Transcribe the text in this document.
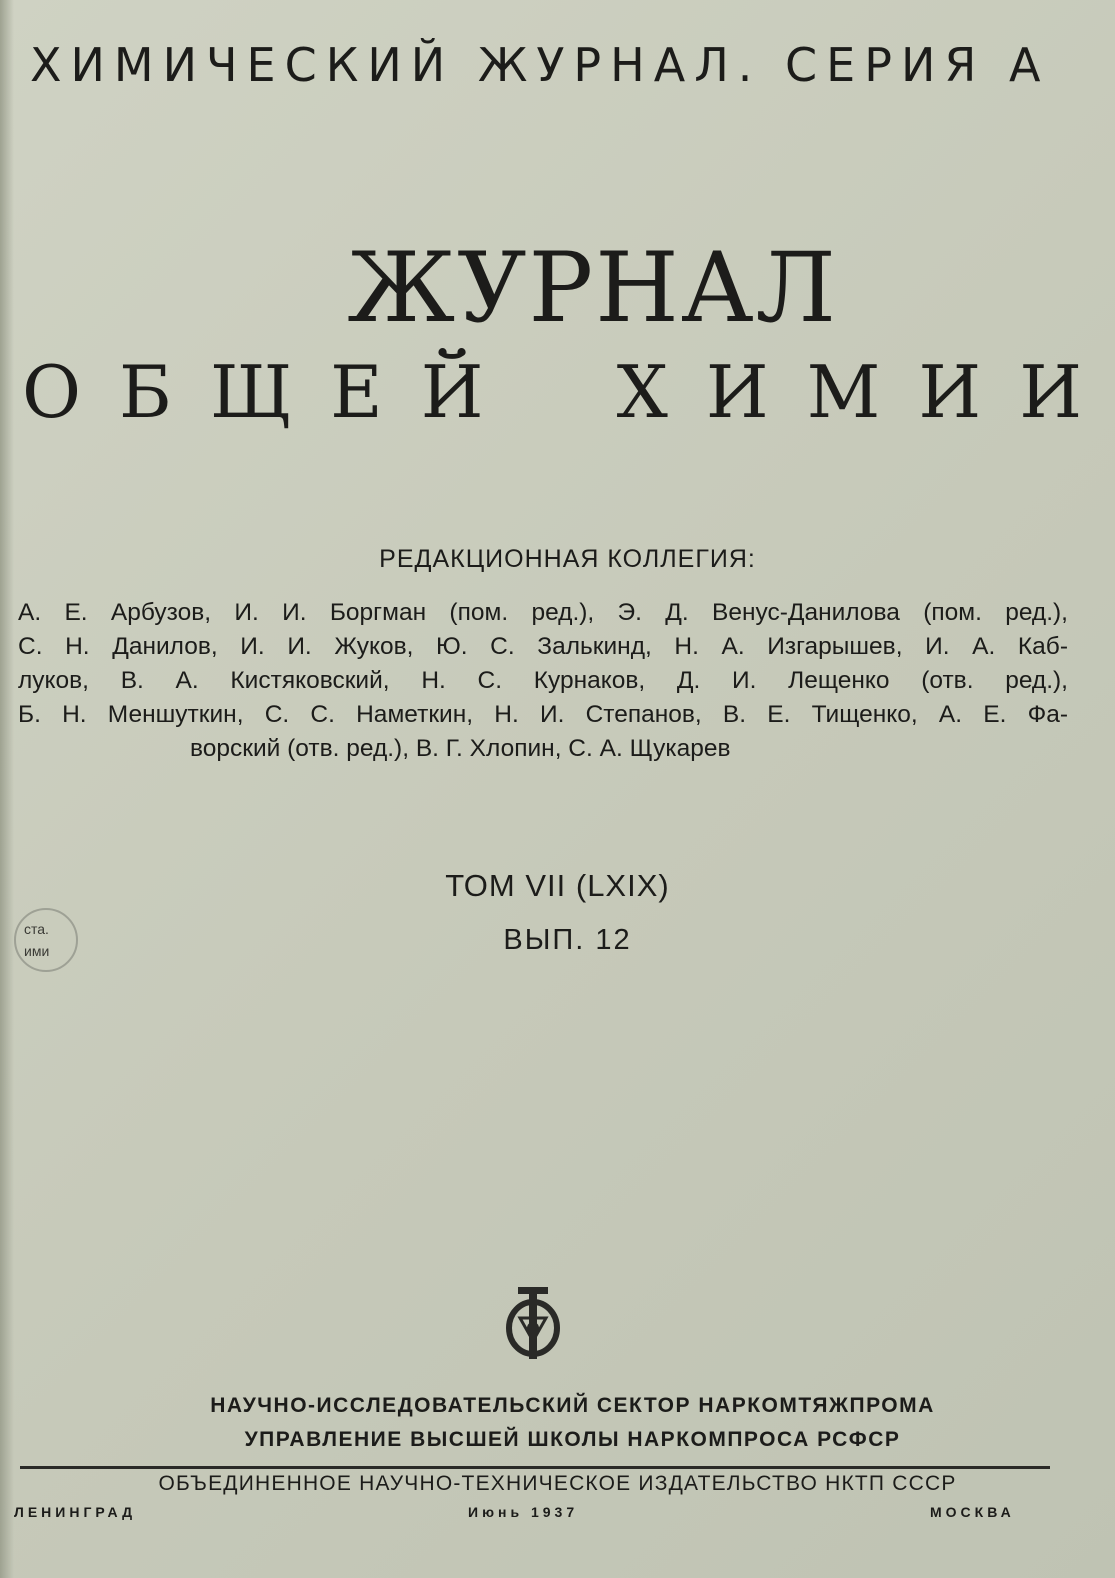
ХИМИЧЕСКИЙ ЖУРНАЛ. СЕРИЯ А
ЖУРНАЛ
О Б Щ Е Й Х И М И И
РЕДАКЦИОННАЯ КОЛЛЕГИЯ:
А. Е. Арбузов, И. И. Боргман (пом. ред.), Э. Д. Венус-Данилова (пом. ред.),
С. Н. Данилов, И. И. Жуков, Ю. С. Залькинд, Н. А. Изгарышев, И. А. Каб-
луков, В. А. Кистяковский, Н. С. Курнаков, Д. И. Лещенко (отв. ред.),
Б. Н. Меншуткин, С. С. Наметкин, Н. И. Степанов, В. Е. Тищенко, А. Е. Фа-
ворский (отв. ред.), В. Г. Хлопин, С. А. Щукарев
ста.
ими
ТОМ VII (LXIX)
ВЫП. 12
НАУЧНО-ИССЛЕДОВАТЕЛЬСКИЙ СЕКТОР НАРКОМТЯЖПРОМА
УПРАВЛЕНИЕ ВЫСШЕЙ ШКОЛЫ НАРКОМПРОСА РСФСР
ОБЪЕДИНЕННОЕ НАУЧНО-ТЕХНИЧЕСКОЕ ИЗДАТЕЛЬСТВО НКТП СССР
ЛЕНИНГРАД	Июнь 1937	МОСКВА
